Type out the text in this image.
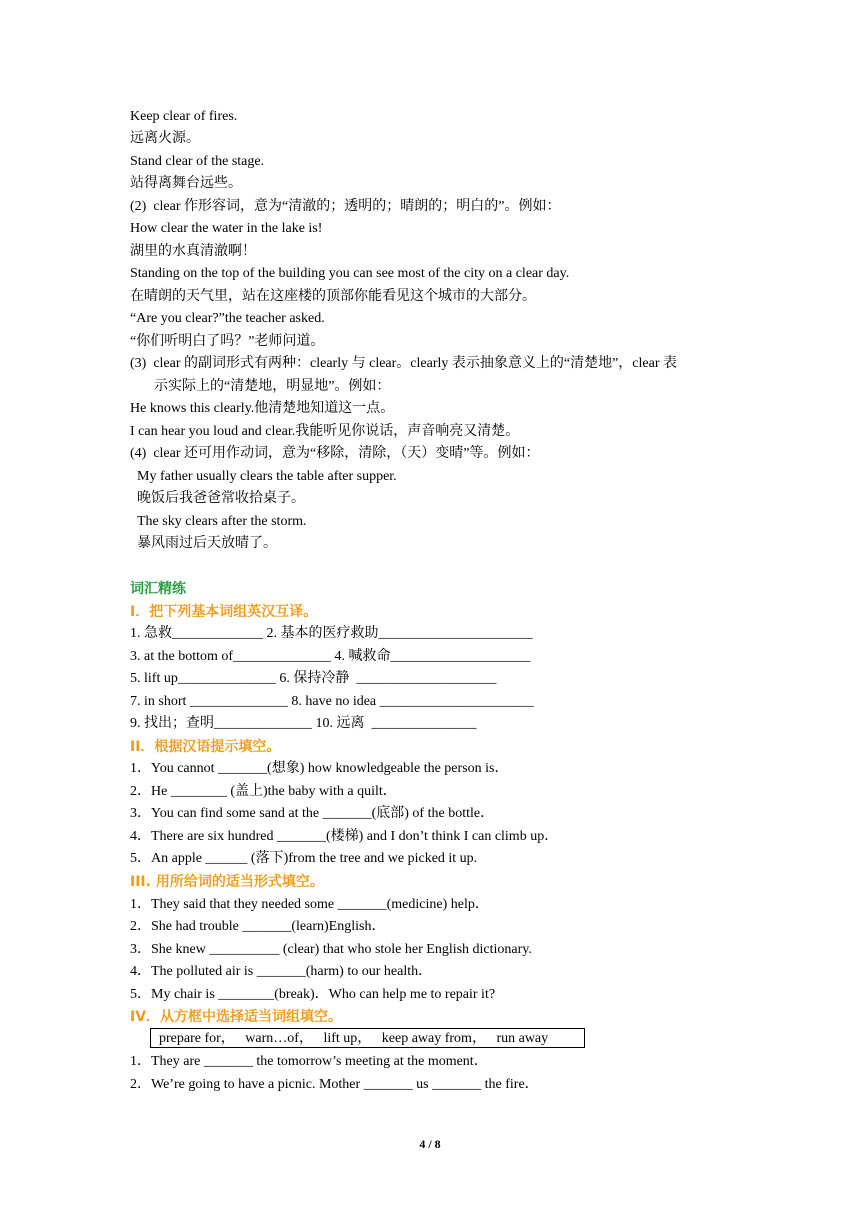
Keep clear of fires.
远离火源。
Stand clear of the stage.
站得离舞台远些。
(2)  clear 作形容词，意为“清澈的；透明的；晴朗的；明白的”。例如：
How clear the water in the lake is!
湖里的水真清澈啊！
Standing on the top of the building you can see most of the city on a clear day.
在晴朗的天气里，站在这座楼的顶部你能看见这个城市的大部分。
“Are you clear?”the teacher asked.
“你们听明白了吗？”老师问道。
(3)  clear 的副词形式有两种：clearly 与 clear。clearly 表示抽象意义上的“清楚地”，clear 表
示实际上的“清楚地，明显地”。例如：
He knows this clearly.他清楚地知道这一点。
I can hear you loud and clear.我能听见你说话，声音响亮又清楚。
(4)  clear 还可用作动词，意为“移除，清除，（天）变晴”等。例如：
My father usually clears the table after supper.
晚饭后我爸爸常收拾桌子。
The sky clears after the storm.
暴风雨过后天放晴了。
词汇精练
I．把下列基本词组英汉互译。
1. 急救_____________ 2. 基本的医疗救助______________________
3. at the bottom of______________ 4. 喊救命____________________
5. lift up______________ 6. 保持冷静  ____________________
7. in short ______________ 8. have no idea ______________________
9. 找出；查明______________ 10. 远离  _______________
II．根据汉语提示填空。
1．You cannot _______(想象) how knowledgeable the person is．
2．He ________ (盖上)the baby with a quilt．
3．You can find some sand at the _______(底部) of the bottle．
4．There are six hundred _______(楼梯) and I don’t think I can climb up．
5．An apple ______ (落下)from the tree and we picked it up.
III. 用所给词的适当形式填空。
1．They said that they needed some _______(medicine) help．
2．She had trouble _______(learn)English．
3．She knew __________ (clear) that who stole her English dictionary.
4．The polluted air is _______(harm) to our health．
5．My chair is ________(break)．Who can help me to repair it?
IV．从方框中选择适当词组填空。
prepare for，   warn…of，   lift up，   keep away from，   run away
1．They are _______ the tomorrow’s meeting at the moment．
2．We’re going to have a picnic. Mother _______ us _______ the fire．
4 / 8
